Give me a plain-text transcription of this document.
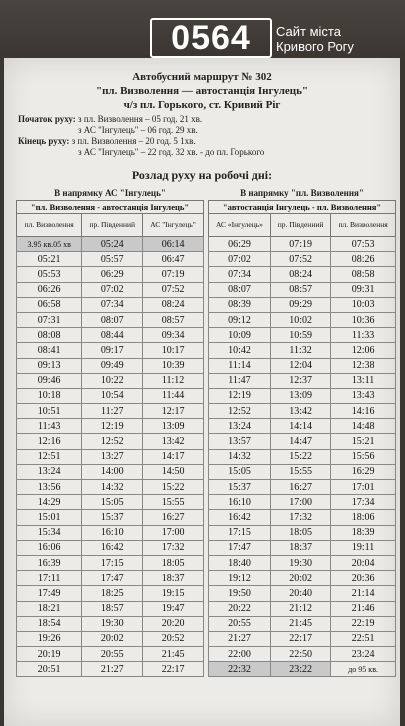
0564	Сайт міста
Кривого Рогу
Автобусний маршрут № 302
"пл. Визволення — автостанція Інгулець"
ч/з пл. Горького, ст. Кривий Ріг
Початок руху: з пл. Визволення – 05 год. 21 хв.
з АС "Інгулець" – 06 год. 29 хв.
Кінець руху: з пл. Визволення – 20 год. 5 1хв.
з АС "Інгулець" – 22 год. 32 хв. - до пл. Горького
Розлад руху на робочі дні:
В напрямку АС "Інгулець"	В напрямку "пл. Визволення"
"пл. Визволення - автостанція Інгулець"		
пл. Визволення	пр. Південний	АС "Інгулець"
3.95 кв.05 хв	05:24	06:14
05:21	05:57	06:47
05:53	06:29	07:19
06:26	07:02	07:52
06:58	07:34	08:24
07:31	08:07	08:57
08:08	08:44	09:34
08:41	09:17	10:17
09:13	09:49	10:39
09:46	10:22	11:12
10:18	10:54	11:44
10:51	11:27	12:17
11:43	12:19	13:09
12:16	12:52	13:42
12:51	13:27	14:17
13:24	14:00	14:50
13:56	14:32	15:22
14:29	15:05	15:55
15:01	15:37	16:27
15:34	16:10	17:00
16:06	16:42	17:32
16:39	17:15	18:05
17:11	17:47	18:37
17:49	18:25	19:15
18:21	18:57	19:47
18:54	19:30	20:20
19:26	20:02	20:52
20:19	20:55	21:45
20:51	21:27	22:17
"автостанція Інгулець - пл. Визволення"		
АС «Інгулець»	пр. Південний	пл. Визволення
06:29	07:19	07:53
07:02	07:52	08:26
07:34	08:24	08:58
08:07	08:57	09:31
08:39	09:29	10:03
09:12	10:02	10:36
10:09	10:59	11:33
10:42	11:32	12:06
11:14	12:04	12:38
11:47	12:37	13:11
12:19	13:09	13:43
12:52	13:42	14:16
13:24	14:14	14:48
13:57	14:47	15:21
14:32	15:22	15:56
15:05	15:55	16:29
15:37	16:27	17:01
16:10	17:00	17:34
16:42	17:32	18:06
17:15	18:05	18:39
17:47	18:37	19:11
18:40	19:30	20:04
19:12	20:02	20:36
19:50	20:40	21:14
20:22	21:12	21:46
20:55	21:45	22:19
21:27	22:17	22:51
22:00	22:50	23:24
22:32	23:22	до 95 кв.
